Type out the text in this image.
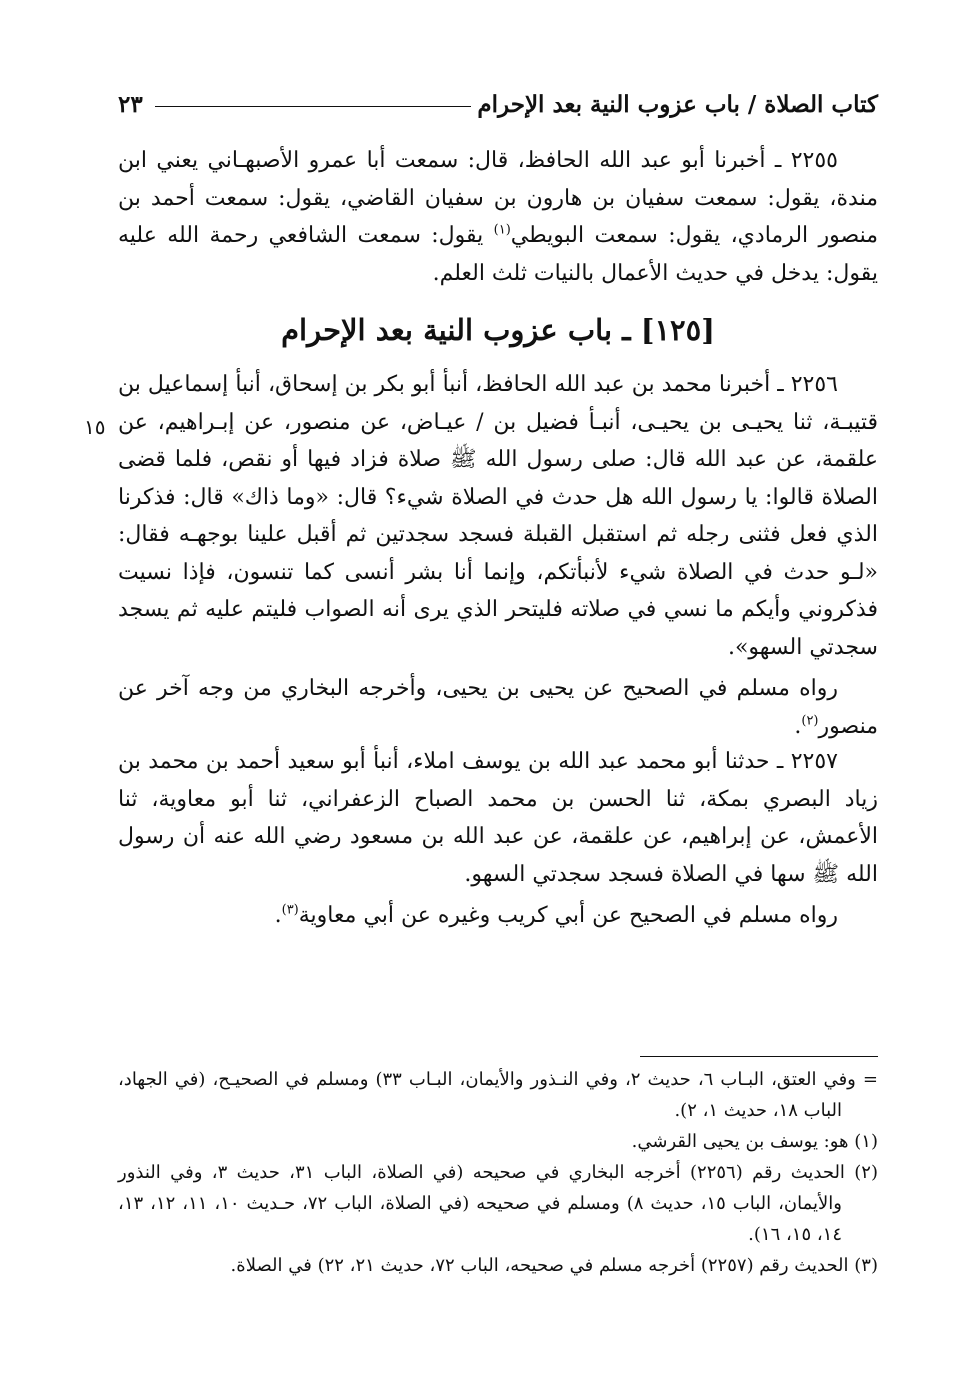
٢٣	كتاب الصلاة / باب عزوب النية بعد الإحرام

٢٢٥٥ ـ أخبرنا أبو عبد الله الحافظ، قال: سمعت أبا عمرو الأصبهـاني يعني ابن مندة، يقول: سمعت سفيان بن هارون بن سفيان القاضي، يقول: سمعت أحمد بن منصور الرمادي، يقول: سمعت البويطي$^{(١)}$ يقول: سمعت الشافعي رحمة الله عليه يقول: يدخل في حديث الأعمال بالنيات ثلث العلم.

[١٢٥] ـ باب عزوب النية بعد الإحرام
١٥

٢٢٥٦ ـ أخبرنا محمد بن عبد الله الحافظ، أنبأ أبو بكر بن إسحاق، أنبأ إسماعيل بن قتيبـة، ثنا يحيـى بن يحيـى، أنبـأ فضيل بن / عيـاض، عن منصور، عن إبـراهيم، عن علقمة، عن عبد الله قال: صلى رسول الله ﷺ صلاة فزاد فيها أو نقص، فلما قضى الصلاة قالوا: يا رسول الله هل حدث في الصلاة شيء؟ قال: «وما ذاك» قال: فذكرنا الذي فعل فثنى رجله ثم استقبل القبلة فسجد سجدتين ثم أقبل علينا بوجهـه فقال: «لـو حدث في الصلاة شيء لأنبأتكم، وإنما أنا بشر أنسى كما تنسون، فإذا نسيت فذكروني وأيكم ما نسي في صلاته فليتحر الذي يرى أنه الصواب فليتم عليه ثم يسجد سجدتي السهو».

رواه مسلم في الصحيح عن يحيى بن يحيى، وأخرجه البخاري من وجه آخر عن منصور$^{(٢)}$.

٢٢٥٧ ـ حدثنا أبو محمد عبد الله بن يوسف املاء، أنبأ أبو سعيد أحمد بن محمد بن زياد البصري بمكة، ثنا الحسن بن محمد الصباح الزعفراني، ثنا أبو معاوية، ثنا الأعمش، عن إبراهيم، عن علقمة، عن عبد الله بن مسعود رضي الله عنه أن رسول الله ﷺ سها في الصلاة فسجد سجدتي السهو.

رواه مسلم في الصحيح عن أبي كريب وغيره عن أبي معاوية$^{(٣)}$.

= وفي العتق، البـاب ٦، حديث ٢، وفي النـذور والأيمان، البـاب ٣٣) ومسلم في الصحيـح، (في الجهاد، الباب ١٨، حديث ١، ٢).

(١) هو: يوسف بن يحيى القرشي.

(٢) الحديث رقم (٢٢٥٦) أخرجه البخاري في صحيحه (في الصلاة، الباب ٣١، حديث ٣، وفي النذور والأيمان، الباب ١٥، حديث ٨) ومسلم في صحيحه (في الصلاة، الباب ٧٢، حـديث ١٠، ١١، ١٢، ١٣، ١٤، ١٥، ١٦).

(٣) الحديث رقم (٢٢٥٧) أخرجه مسلم في صحيحه، الباب ٧٢، حديث ٢١، ٢٢) في الصلاة.
